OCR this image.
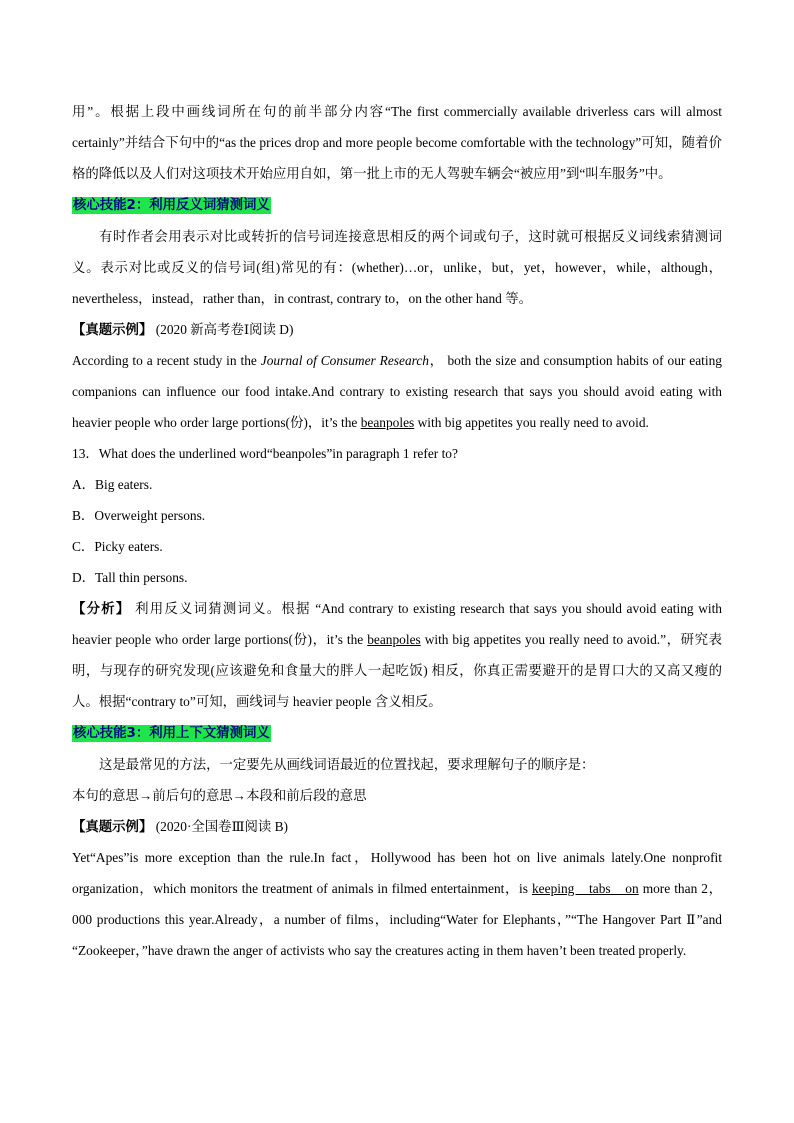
用”。根据上段中画线词所在句的前半部分内容“The first commercially available driverless cars will almost certainly”并结合下句中的“as the prices drop and more people become comfortable with the technology”可知，随着价格的降低以及人们对这项技术开始应用自如，第一批上市的无人驾驶车辆会“被应用”到“叫车服务”中。

核心技能2：利用反义词猜测词义

有时作者会用表示对比或转折的信号词连接意思相反的两个词或句子，这时就可根据反义词线索猜测词义。表示对比或反义的信号词(组)常见的有：(whether)…or，unlike，but，yet，however，while，although，nevertheless，instead，rather than，in contrast, contrary to，on the other hand 等。

【真题示例】 (2020 新高考卷Ⅰ阅读 D)

According to a recent study in the Journal of Consumer Research， both the size and consumption habits of our eating companions can influence our food intake.And contrary to existing research that says you should avoid eating with heavier people who order large portions(份)，it’s the beanpoles with big appetites you really need to avoid.

13．What does the underlined word“beanpoles”in paragraph 1 refer to?

A．Big eaters.

B．Overweight persons.

C．Picky eaters.

D．Tall thin persons.

【分析】 利用反义词猜测词义。根据 “And contrary to existing research that says you should avoid eating with heavier people who order large portions(份)，it’s the beanpoles with big appetites you really need to avoid.”，研究表明，与现存的研究发现(应该避免和食量大的胖人一起吃饭) 相反，你真正需要避开的是胃口大的又高又瘦的人。根据“contrary to”可知，画线词与 heavier people 含义相反。

核心技能3：利用上下文猜测词义

这是最常见的方法，一定要先从画线词语最近的位置找起，要求理解句子的顺序是：

本句的意思→前后句的意思→本段和前后段的意思

【真题示例】 (2020·全国卷Ⅲ阅读 B)

Yet“Apes”is more exception than the rule.In fact，Hollywood has been hot on live animals lately.One nonprofit organization，which monitors the treatment of animals in filmed entertainment，is keeping　tabs　on more than 2，000 productions this year.Already，a number of films，including“Water for Elephants，”“The Hangover Part Ⅱ”and “Zookeeper，”have drawn the anger of activists who say the creatures acting in them haven’t been treated properly.
